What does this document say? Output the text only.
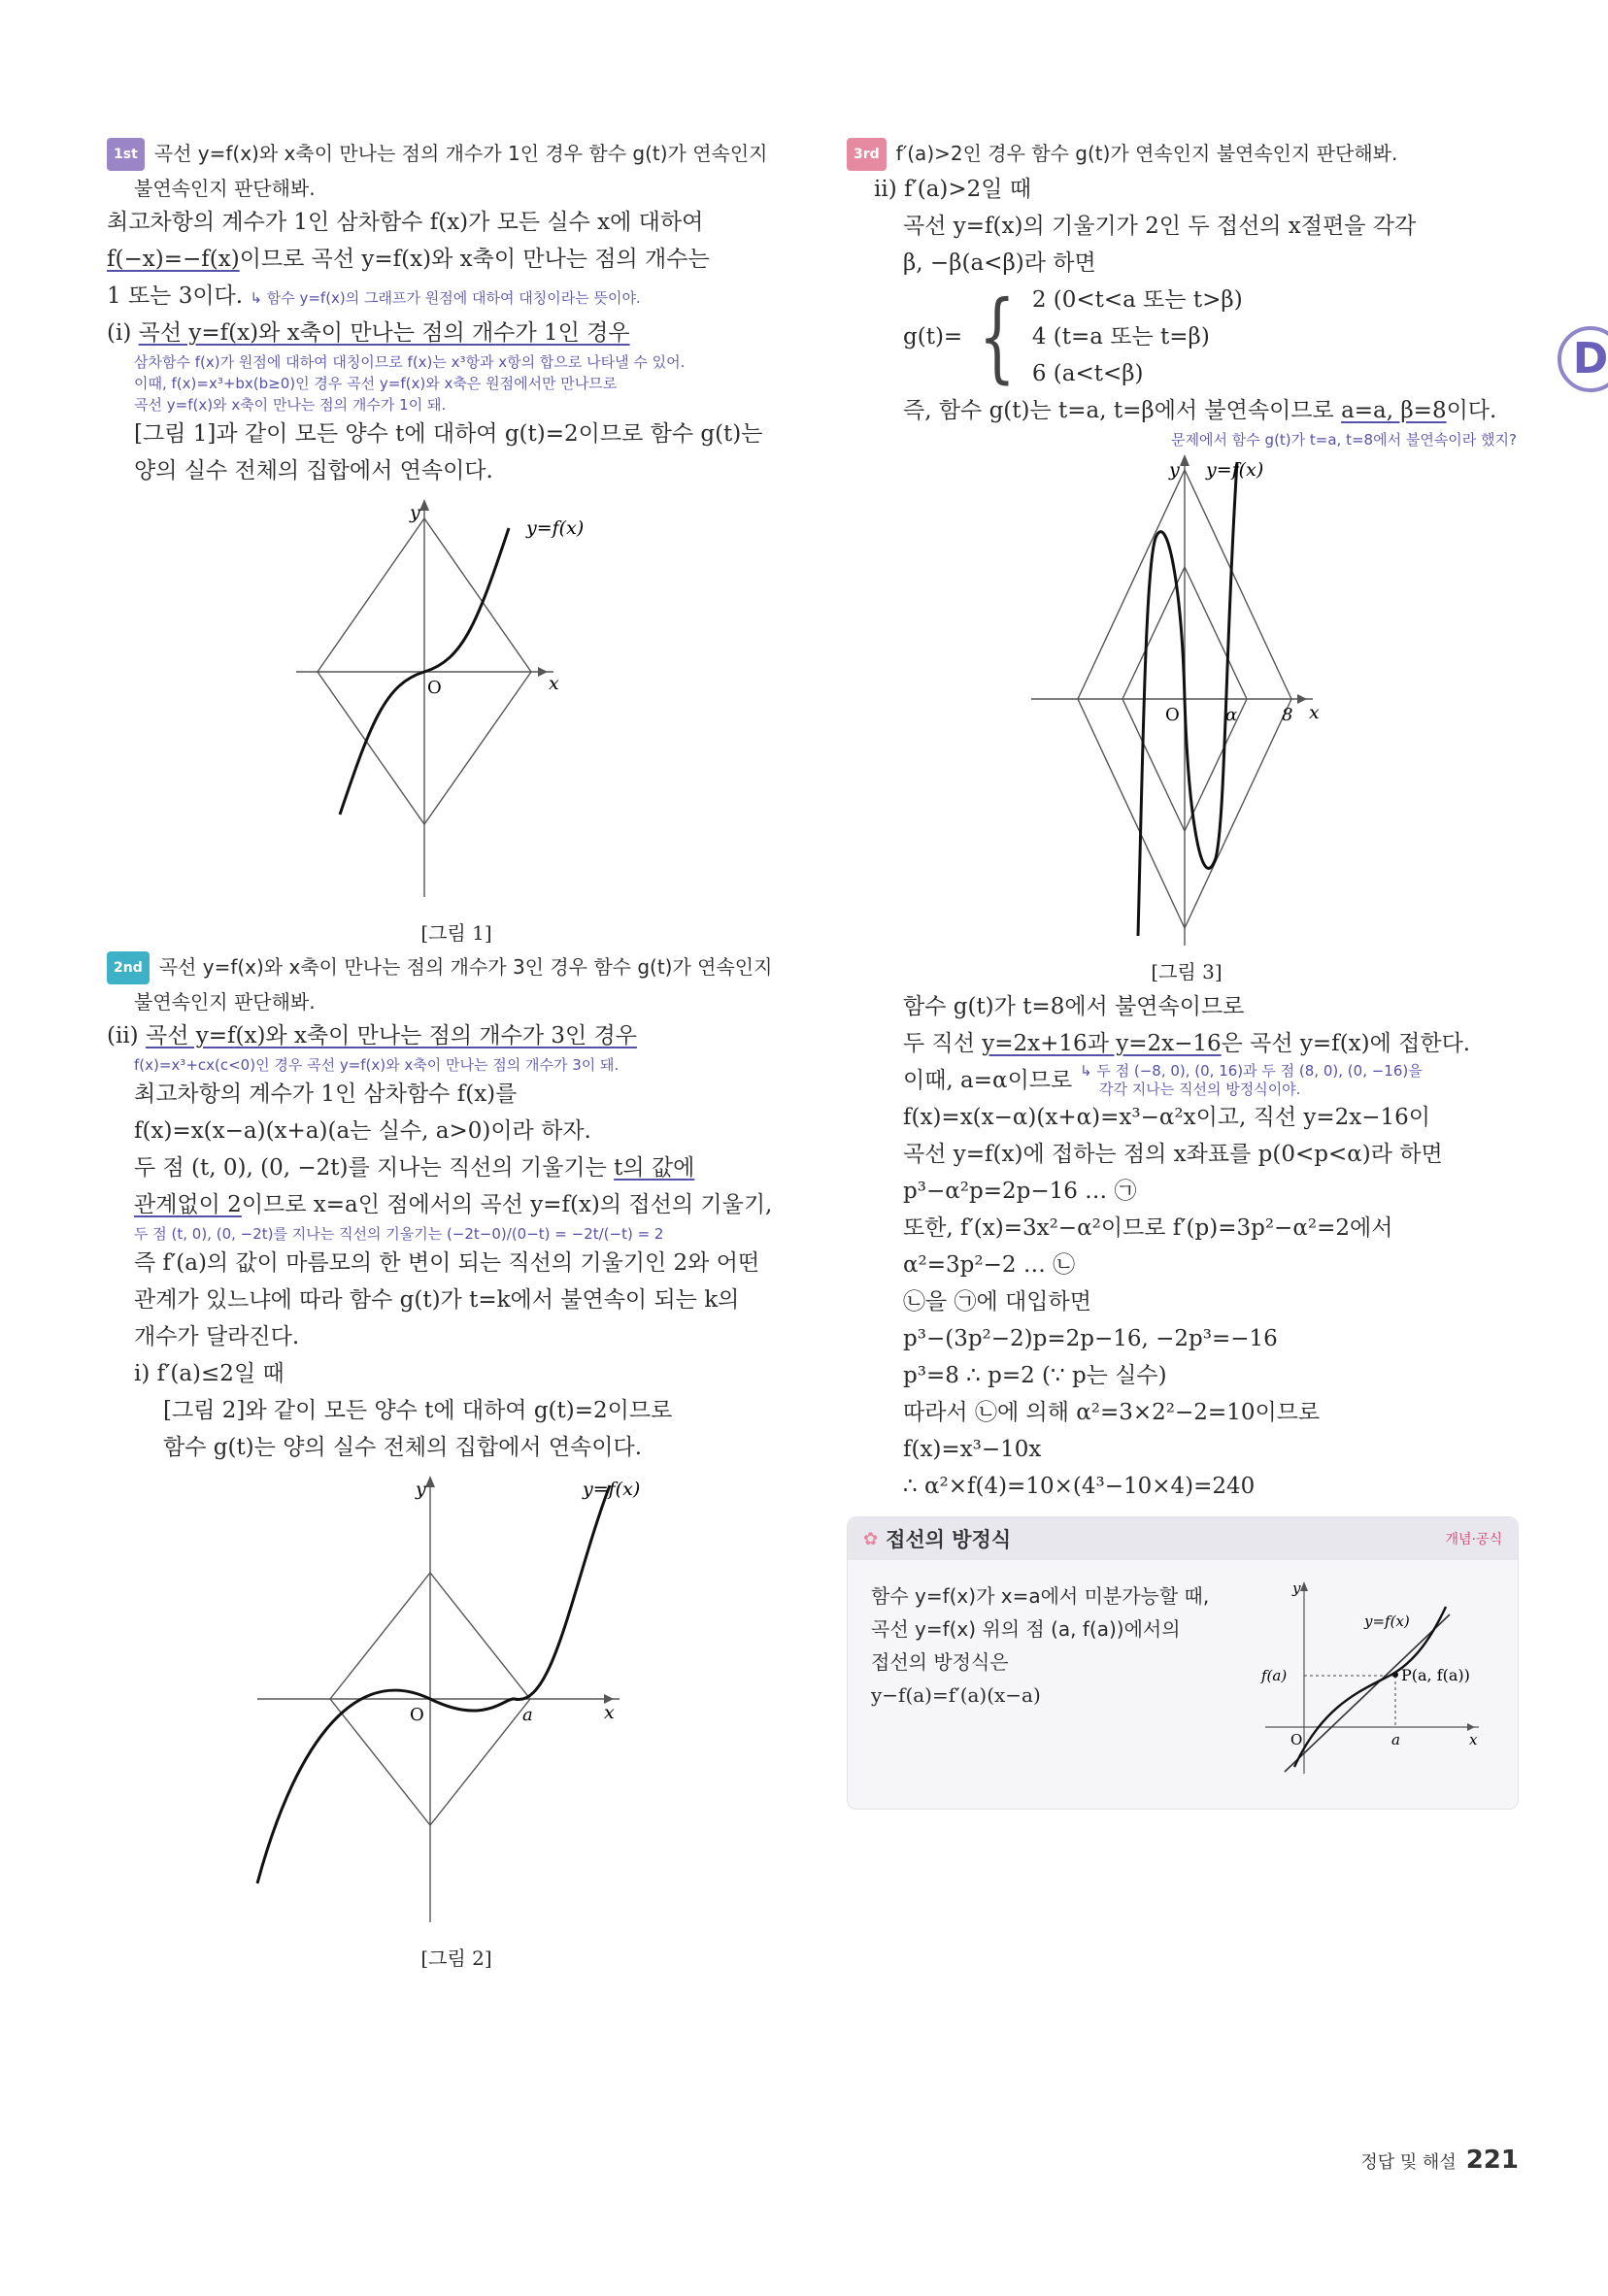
1st 곡선 y=f(x)와 x축이 만나는 점의 개수가 1인 경우 함수 g(t)가 연속인지
불연속인지 판단해봐.
최고차항의 계수가 1인 삼차함수 f(x)가 모든 실수 x에 대하여
f(−x)=−f(x)이므로 곡선 y=f(x)와 x축이 만나는 점의 개수는
1 또는 3이다. ↳ 함수 y=f(x)의 그래프가 원점에 대하여 대칭이라는 뜻이야.
(i) 곡선 y=f(x)와 x축이 만나는 점의 개수가 1인 경우
삼차함수 f(x)가 원점에 대하여 대칭이므로 f(x)는 x³항과 x항의 합으로 나타낼 수 있어.
이때, f(x)=x³+bx(b≥0)인 경우 곡선 y=f(x)와 x축은 원점에서만 만나므로
곡선 y=f(x)와 x축이 만나는 점의 개수가 1이 돼.
[그림 1]과 같이 모든 양수 t에 대하여 g(t)=2이므로 함수 g(t)는
양의 실수 전체의 집합에서 연속이다.
y
x
O
y=f(x)
[그림 1]
2nd 곡선 y=f(x)와 x축이 만나는 점의 개수가 3인 경우 함수 g(t)가 연속인지
불연속인지 판단해봐.
(ii) 곡선 y=f(x)와 x축이 만나는 점의 개수가 3인 경우
f(x)=x³+cx(c<0)인 경우 곡선 y=f(x)와 x축이 만나는 점의 개수가 3이 돼.
최고차항의 계수가 1인 삼차함수 f(x)를
f(x)=x(x−a)(x+a)(a는 실수, a>0)이라 하자.
두 점 (t, 0), (0, −2t)를 지나는 직선의 기울기는 t의 값에
관계없이 2이므로 x=a인 점에서의 곡선 y=f(x)의 접선의 기울기,
두 점 (t, 0), (0, −2t)를 지나는 직선의 기울기는 (−2t−0)/(0−t) = −2t/(−t) = 2
즉 f′(a)의 값이 마름모의 한 변이 되는 직선의 기울기인 2와 어떤
관계가 있느냐에 따라 함수 g(t)가 t=k에서 불연속이 되는 k의
개수가 달라진다.
i) f′(a)≤2일 때
[그림 2]와 같이 모든 양수 t에 대하여 g(t)=2이므로
함수 g(t)는 양의 실수 전체의 집합에서 연속이다.
y
x
O	a
y=f(x)
[그림 2]
3rd f′(a)>2인 경우 함수 g(t)가 연속인지 불연속인지 판단해봐.
ii) f′(a)>2일 때
곡선 y=f(x)의 기울기가 2인 두 접선의 x절편을 각각
β, −β(a<β)라 하면
g(t)= { 2 (0<t<a 또는 t>β)
4 (t=a 또는 t=β)
6 (a<t<β)
즉, 함수 g(t)는 t=a, t=β에서 불연속이므로 a=a, β=8이다.
문제에서 함수 g(t)가 t=a, t=8에서 불연속이라 했지?
y
x
O	α	8
y=f(x)
[그림 3]
함수 g(t)가 t=8에서 불연속이므로
두 직선 y=2x+16과 y=2x−16은 곡선 y=f(x)에 접한다.
이때, a=α이므로 ↳ 두 점 (−8, 0), (0, 16)과 두 점 (8, 0), (0, −16)을
각각 지나는 직선의 방정식이야.
f(x)=x(x−α)(x+α)=x³−α²x이고, 직선 y=2x−16이
곡선 y=f(x)에 접하는 점의 x좌표를 p(0<p<α)라 하면
p³−α²p=2p−16 … ㉠
또한, f′(x)=3x²−α²이므로 f′(p)=3p²−α²=2에서
α²=3p²−2 … ㉡
㉡을 ㉠에 대입하면
p³−(3p²−2)p=2p−16, −2p³=−16
p³=8 ∴ p=2 (∵ p는 실수)
따라서 ㉡에 의해 α²=3×2²−2=10이므로
f(x)=x³−10x
∴ α²×f(4)=10×(4³−10×4)=240
✿ 접선의 방정식	개념·공식
함수 y=f(x)가 x=a에서 미분가능할 때,
곡선 y=f(x) 위의 점 (a, f(a))에서의
접선의 방정식은
y−f(a)=f′(a)(x−a)
y
x
O	a
f(a)	P(a, f(a))
y=f(x)
D
정답 및 해설 221
